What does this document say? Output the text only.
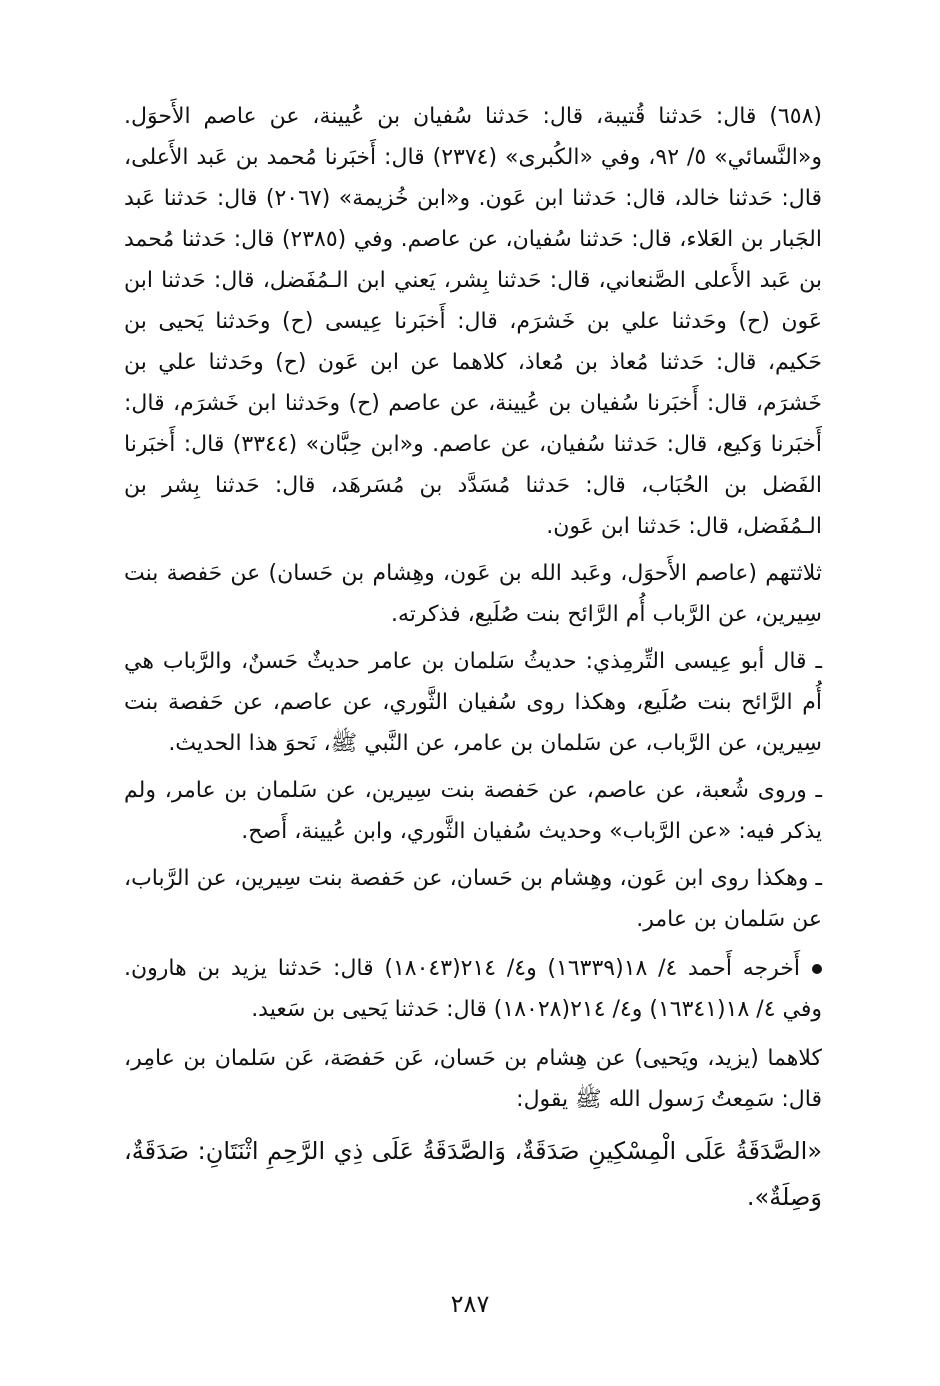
(٦٥٨) قال: حَدثنا قُتيبة، قال: حَدثنا سُفيان بن عُيينة، عن عاصم الأَحوَل. و«النَّسائي» ٥/ ٩٢، وفي «الكُبرى» (٢٣٧٤) قال: أَخبَرنا مُحمد بن عَبد الأَعلى، قال: حَدثنا خالد، قال: حَدثنا ابن عَون. و«ابن خُزيمة» (٢٠٦٧) قال: حَدثنا عَبد الجَبار بن العَلاء، قال: حَدثنا سُفيان، عن عاصم. وفي (٢٣٨٥) قال: حَدثنا مُحمد بن عَبد الأَعلى الصَّنعاني، قال: حَدثنا بِشر، يَعني ابن الـمُفَضل، قال: حَدثنا ابن عَون (ح) وحَدثنا علي بن خَشرَم، قال: أَخبَرنا عِيسى (ح) وحَدثنا يَحيى بن حَكيم، قال: حَدثنا مُعاذ بن مُعاذ، كلاهما عن ابن عَون (ح) وحَدثنا علي بن خَشرَم، قال: أَخبَرنا سُفيان بن عُيينة، عن عاصم (ح) وحَدثنا ابن خَشرَم، قال: أَخبَرنا وَكيع، قال: حَدثنا سُفيان، عن عاصم. و«ابن حِبَّان» (٣٣٤٤) قال: أَخبَرنا الفَضل بن الحُبَاب، قال: حَدثنا مُسَدَّد بن مُسَرهَد، قال: حَدثنا بِشر بن الـمُفَضل، قال: حَدثنا ابن عَون.

ثلاثتهم (عاصم الأَحوَل، وعَبد الله بن عَون، وهِشام بن حَسان) عن حَفصة بنت سِيرين، عن الرَّباب أُم الرَّائح بنت صُلَيع، فذكرته.

ـ قال أبو عِيسى التِّرمِذي: حديثُ سَلمان بن عامر حديثٌ حَسنٌ، والرَّباب هي أُم الرَّائح بنت صُلَيع، وهكذا روى سُفيان الثَّوري، عن عاصم، عن حَفصة بنت سِيرين، عن الرَّباب، عن سَلمان بن عامر، عن النَّبي ﷺ، نَحوَ هذا الحديث.

ـ وروى شُعبة، عن عاصم، عن حَفصة بنت سِيرين، عن سَلمان بن عامر، ولم يذكر فيه: «عن الرَّباب» وحديث سُفيان الثَّوري، وابن عُيينة، أَصح.

ـ وهكذا روى ابن عَون، وهِشام بن حَسان، عن حَفصة بنت سِيرين، عن الرَّباب، عن سَلمان بن عامر.

أَخرجه أَحمد ٤/ ١٨(١٦٣٣٩) و٤/ ٢١٤(١٨٠٤٣) قال: حَدثنا يزيد بن هارون. وفي ٤/ ١٨(١٦٣٤١) و٤/ ٢١٤(١٨٠٢٨) قال: حَدثنا يَحيى بن سَعيد.

كلاهما (يزيد، ويَحيى) عن هِشام بن حَسان، عَن حَفصَة، عَن سَلمان بن عامِر، قال: سَمِعتُ رَسول الله ﷺ يقول:

«الصَّدَقَةُ عَلَى الْمِسْكِينِ صَدَقَةٌ، وَالصَّدَقَةُ عَلَى ذِي الرَّحِمِ اثْنَتَانِ: صَدَقَةٌ، وَصِلَةٌ».

٢٨٧
